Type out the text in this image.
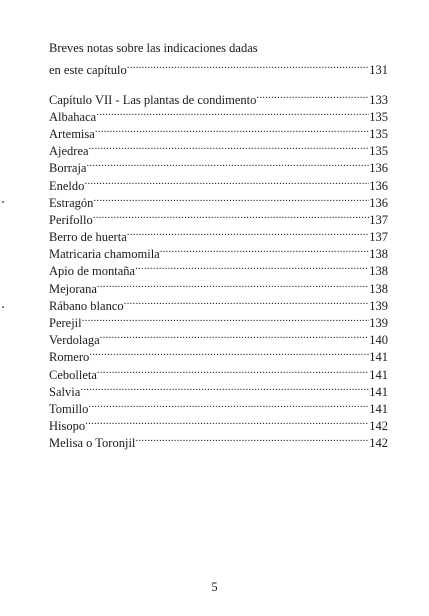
Breves notas sobre las indicaciones dadas
en este capítulo .....	131
Capítulo VII - Las plantas de condimento .....	133
Albahaca .....	135
Artemisa .....	135
Ajedrea .....	135
Borraja .....	136
Eneldo .....	136
Estragón .....	136
Perifollo .....	137
Berro de huerta .....	137
Matricaria chamomila .....	138
Apio de montaña .....	138
Mejorana .....	138
Rábano blanco .....	139
Perejil .....	139
Verdolaga .....	140
Romero .....	141
Cebolleta .....	141
Salvia .....	141
Tomillo .....	141
Hisopo .....	142
Melisa o Toronjil .....	142
5
